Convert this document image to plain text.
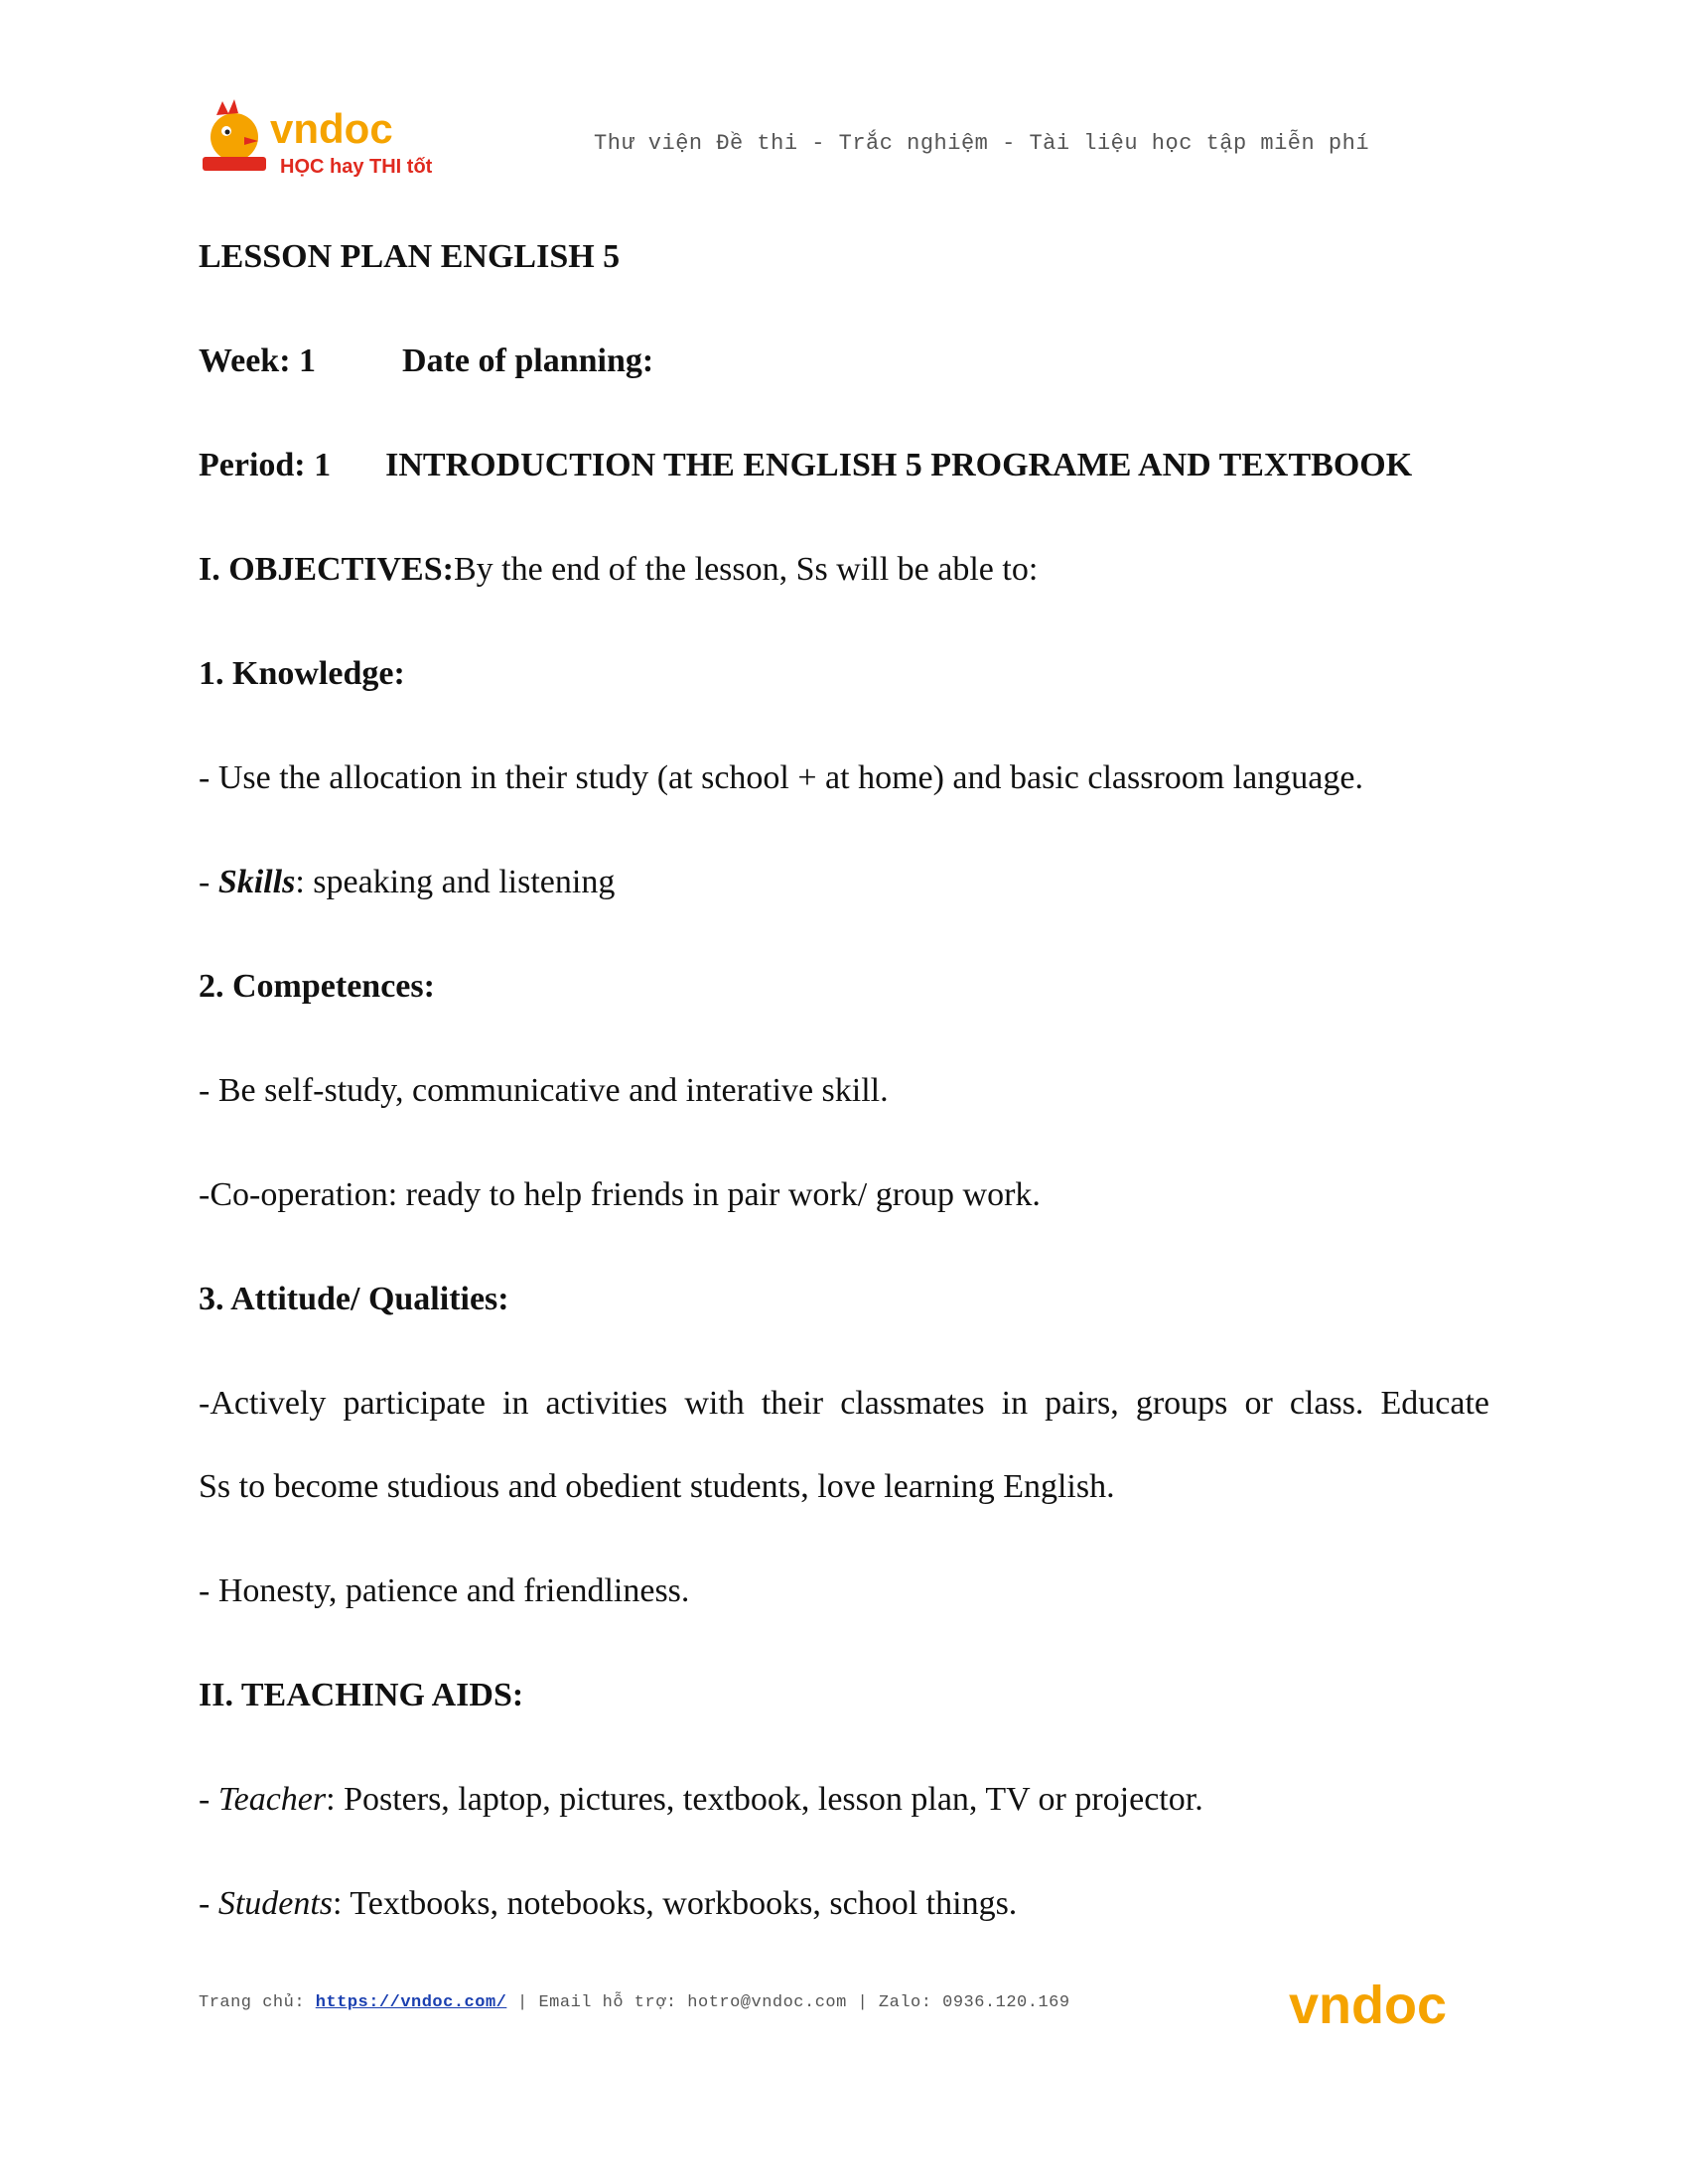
vndoc
HỌC hay THI tốt
Thư viện Đề thi - Trắc nghiệm - Tài liệu học tập miễn phí
LESSON PLAN ENGLISH 5
Week: 1	Date of planning:
Period: 1 INTRODUCTION THE ENGLISH 5 PROGRAME AND TEXTBOOK
I. OBJECTIVES:By the end of the lesson, Ss will be able to:
1. Knowledge:
- Use the allocation in their study (at school + at home) and basic classroom language.
- Skills: speaking and listening
2. Competences:
- Be self-study, communicative and interative skill.
-Co-operation: ready to help friends in pair work/ group work.
3. Attitude/ Qualities:
-Actively participate in activities with their classmates in pairs, groups or class. Educate
Ss to become studious and obedient students, love learning English.
- Honesty, patience and friendliness.
II. TEACHING AIDS:
- Teacher: Posters, laptop, pictures, textbook, lesson plan, TV or projector.
- Students: Textbooks, notebooks, workbooks, school things.
Trang chủ: https://vndoc.com/ | Email hỗ trợ: hotro@vndoc.com | Zalo: 0936.120.169	vndoc
